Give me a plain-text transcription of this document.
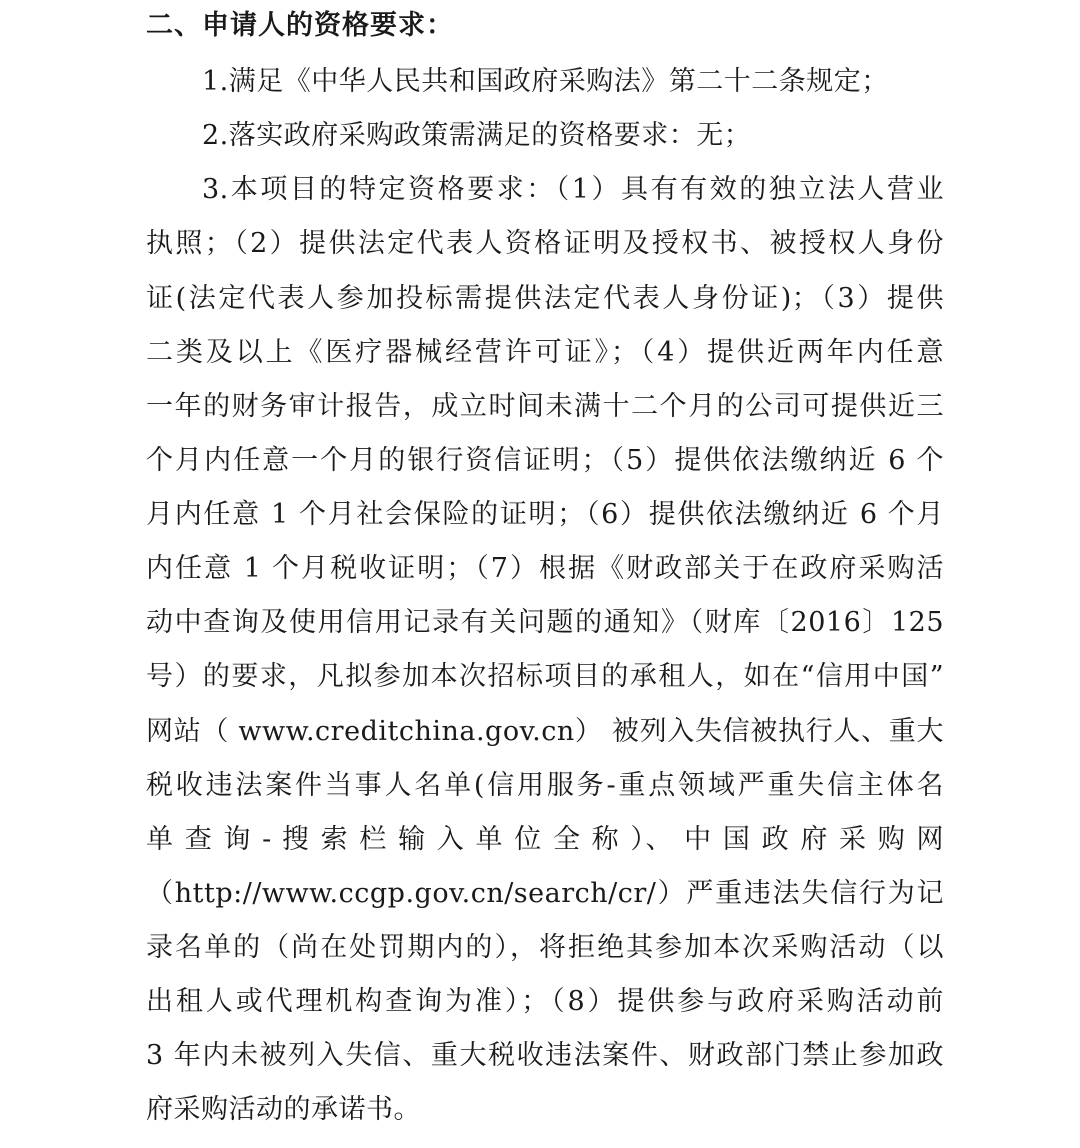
二、申请人的资格要求：
1.满足《中华人民共和国政府采购法》第二十二条规定；
2.落实政府采购政策需满足的资格要求：无；
3.本项目的特定资格要求：（1）具有有效的独立法人营业
执照；（2）提供法定代表人资格证明及授权书、被授权人身份
证(法定代表人参加投标需提供法定代表人身份证)；（3）提供
二类及以上《医疗器械经营许可证》；（4）提供近两年内任意
一年的财务审计报告，成立时间未满十二个月的公司可提供近三
个月内任意一个月的银行资信证明；（5）提供依法缴纳近 6 个
月内任意 1 个月社会保险的证明；（6）提供依法缴纳近 6 个月
内任意 1 个月税收证明；（7）根据《财政部关于在政府采购活
动中查询及使用信用记录有关问题的通知》（财库〔2016〕125
号）的要求，凡拟参加本次招标项目的承租人，如在“信用中国”
网站（ www.creditchina.gov.cn） 被列入失信被执行人、重大
税收违法案件当事人名单(信用服务-重点领域严重失信主体名
单 查 询 - 搜 索 栏 输 入 单 位 全 称 ）、 中 国 政 府 采 购 网
（http://www.ccgp.gov.cn/search/cr/）严重违法失信行为记
录名单的（尚在处罚期内的），将拒绝其参加本次采购活动（以
出租人或代理机构查询为准）；（8）提供参与政府采购活动前
3 年内未被列入失信、重大税收违法案件、财政部门禁止参加政
府采购活动的承诺书。
